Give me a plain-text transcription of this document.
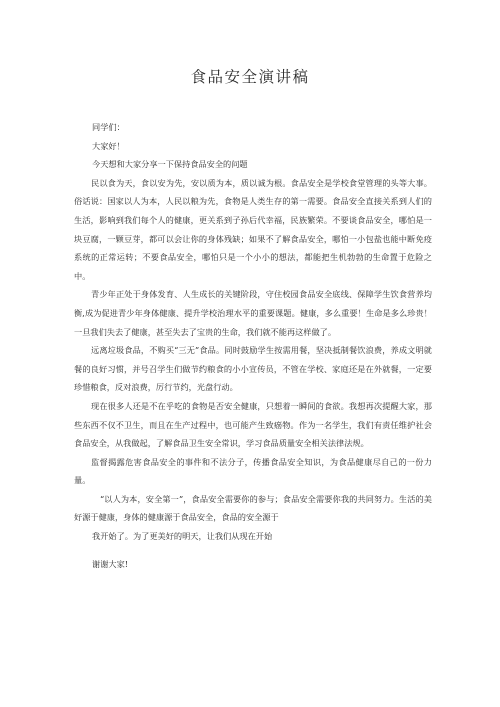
食品安全演讲稿

同学们：

大家好！

今天想和大家分享一下保持食品安全的问题

民以食为天，食以安为先，安以质为本，质以诚为根。食品安全是学校食堂管理的头等大事。俗话说：国家以人为本，人民以粮为先，食物是人类生存的第一需要。食品安全直接关系到人们的生活，影响到我们每个人的健康，更关系到子孙后代幸福，民族繁荣。不要谈食品安全，哪怕是一块豆腐，一颗豆芽，都可以会让你的身体残缺；如果不了解食品安全，哪怕一小包盐也能中断免疫系统的正常运转；不要食品安全，哪怕只是一个小小的想法，都能把生机勃勃的生命置于危险之中。

青少年正处于身体发育、人生成长的关键阶段，守住校园食品安全底线、保障学生饮食营养均衡,成为促进青少年身体健康、提升学校治理水平的重要课题。健康，多么重要！生命是多么珍贵！一旦我们失去了健康，甚至失去了宝贵的生命，我们就不能再这样做了。

远离垃圾食品，不购买“三无”食品。同时鼓励学生按需用餐，坚决抵制餐饮浪费，养成文明就餐的良好习惯，并号召学生们做节约粮食的小小宣传员，不管在学校、家庭还是在外就餐，一定要珍惜粮食，反对浪费，厉行节约，光盘行动。

现在很多人还是不在乎吃的食物是否安全健康，只想着一瞬间的食欲。我想再次提醒大家，那些东西不仅不卫生，而且在生产过程中，也可能产生致癌物。作为一名学生，我们有责任维护社会食品安全，从我做起，了解食品卫生安全常识，学习食品质量安全相关法律法规。

监督揭露危害食品安全的事件和不法分子，传播食品安全知识，为食品健康尽自己的一份力量。

“以人为本，安全第一”，食品安全需要你的参与；食品安全需要你我的共同努力。生活的美好源于健康，身体的健康源于食品安全，食品的安全源于

我开始了。为了更美好的明天，让我们从现在开始

谢谢大家!
